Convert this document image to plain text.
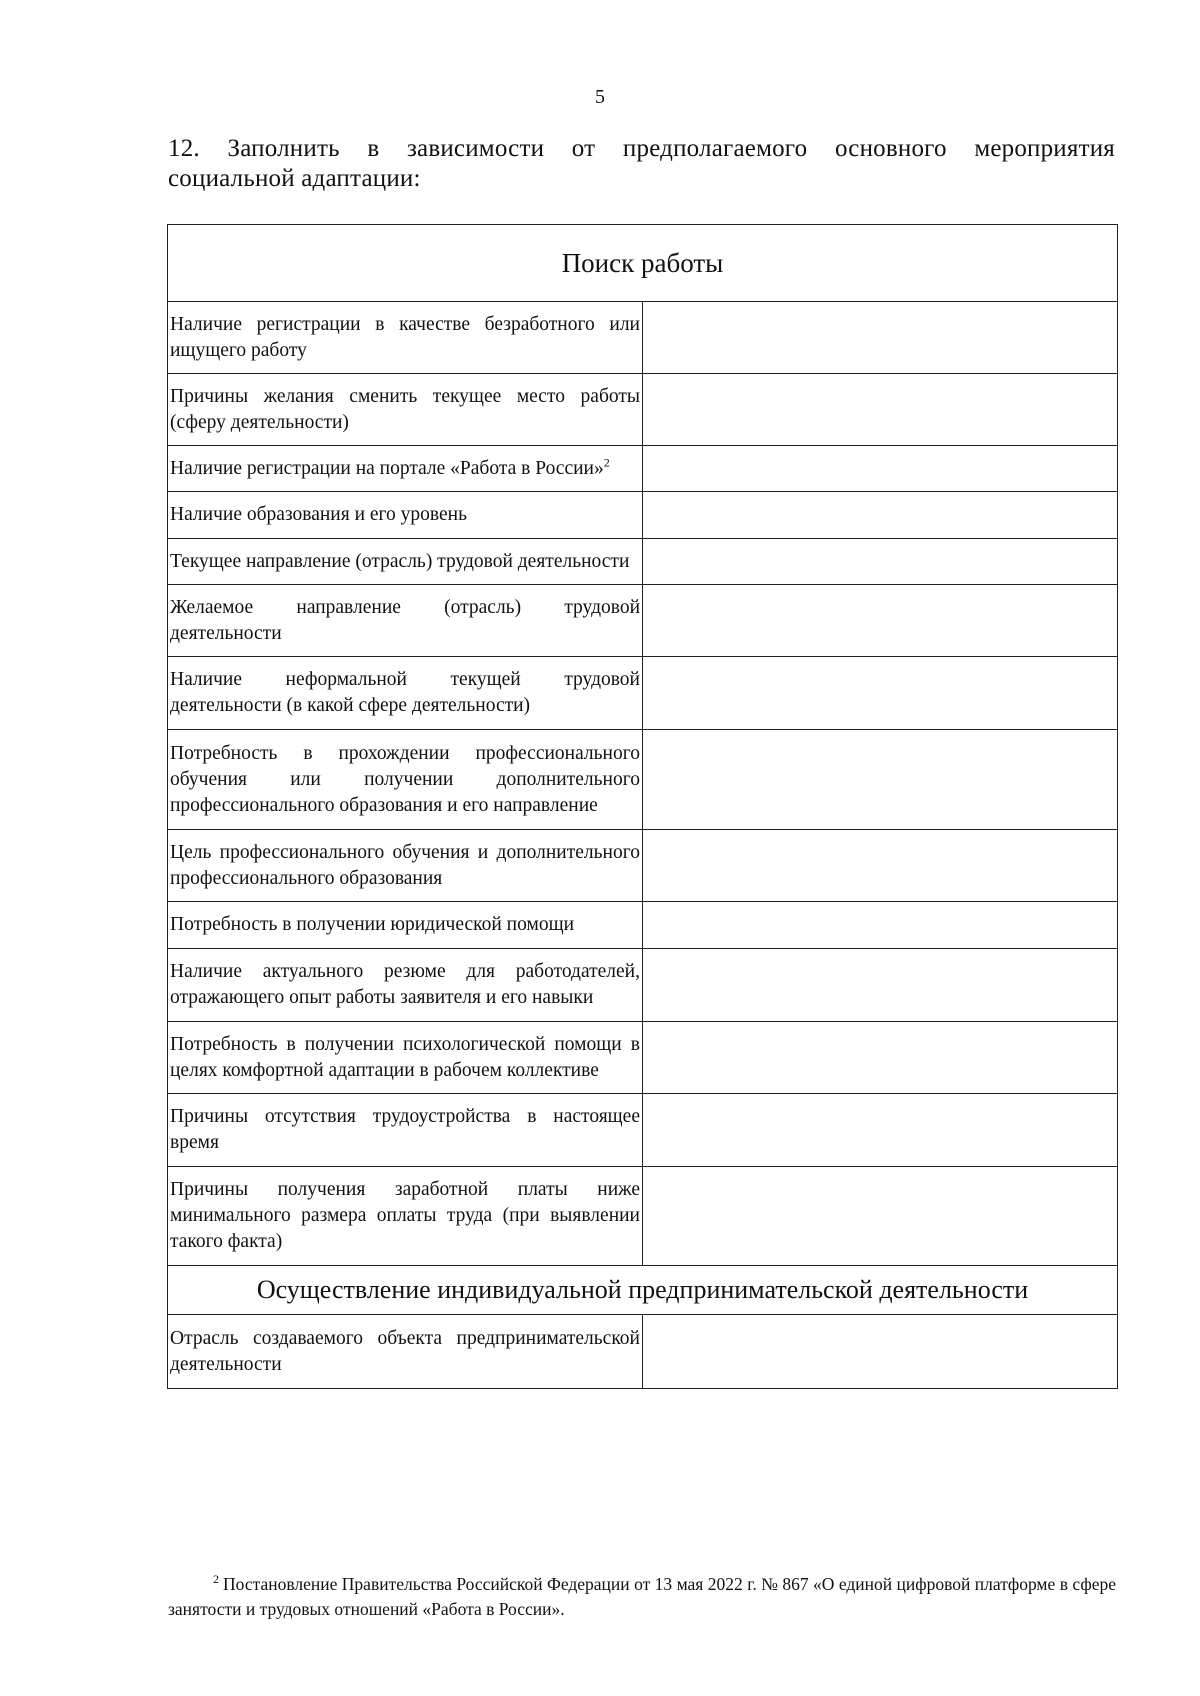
5
12. Заполнить в зависимости от предполагаемого основного мероприятия
социальной адаптации:
Поиск работы	
Наличие регистрации в качестве безработного или ищущего работу	
Причины желания сменить текущее место работы (сферу деятельности)	
Наличие регистрации на портале «Работа в России»$^2$	
Наличие образования и его уровень	
Текущее направление (отрасль) трудовой деятельности	
Желаемое направление (отрасль) трудовой деятельности	
Наличие неформальной текущей трудовой деятельности (в какой сфере деятельности)	
Потребность в прохождении профессионального обучения или получении дополнительного профессионального образования и его направление	
Цель профессионального обучения и дополнительного профессионального образования	
Потребность в получении юридической помощи	
Наличие актуального резюме для работодателей, отражающего опыт работы заявителя и его навыки	
Потребность в получении психологической помощи в целях комфортной адаптации в рабочем коллективе	
Причины отсутствия трудоустройства в настоящее время	
Причины получения заработной платы ниже минимального размера оплаты труда (при выявлении такого факта)	
Осуществление индивидуальной предпринимательской деятельности	
Отрасль создаваемого объекта предпринимательской деятельности	
$^2$ Постановление Правительства Российской Федерации от 13 мая 2022 г. № 867 «О единой цифровой платформе в сфере занятости и трудовых отношений «Работа в России».
